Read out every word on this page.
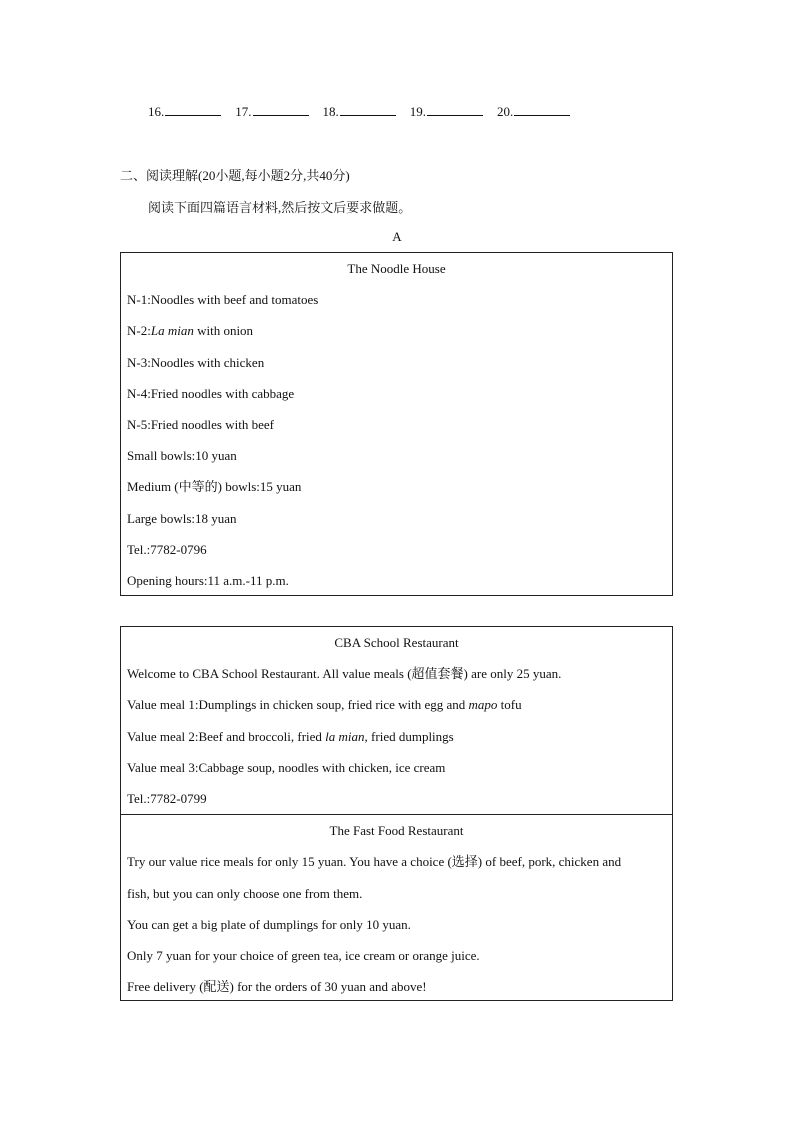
16.	17.	18.	19.	20.
二、阅读理解(20小题,每小题2分,共40分)
阅读下面四篇语言材料,然后按文后要求做题。
A
The Noodle House
N-1:Noodles with beef and tomatoes
N-2:La mian with onion
N-3:Noodles with chicken
N-4:Fried noodles with cabbage
N-5:Fried noodles with beef
Small bowls:10 yuan
Medium (中等的) bowls:15 yuan
Large bowls:18 yuan
Tel.:7782-0796
Opening hours:11 a.m.-11 p.m.
CBA School Restaurant
Welcome to CBA School Restaurant. All value meals (超值套餐) are only 25 yuan.
Value meal 1:Dumplings in chicken soup, fried rice with egg and mapo tofu
Value meal 2:Beef and broccoli, fried la mian, fried dumplings
Value meal 3:Cabbage soup, noodles with chicken, ice cream
Tel.:7782-0799
The Fast Food Restaurant
Try our value rice meals for only 15 yuan. You have a choice (选择) of beef, pork, chicken and
fish, but you can only choose one from them.
You can get a big plate of dumplings for only 10 yuan.
Only 7 yuan for your choice of green tea, ice cream or orange juice.
Free delivery (配送) for the orders of 30 yuan and above!
